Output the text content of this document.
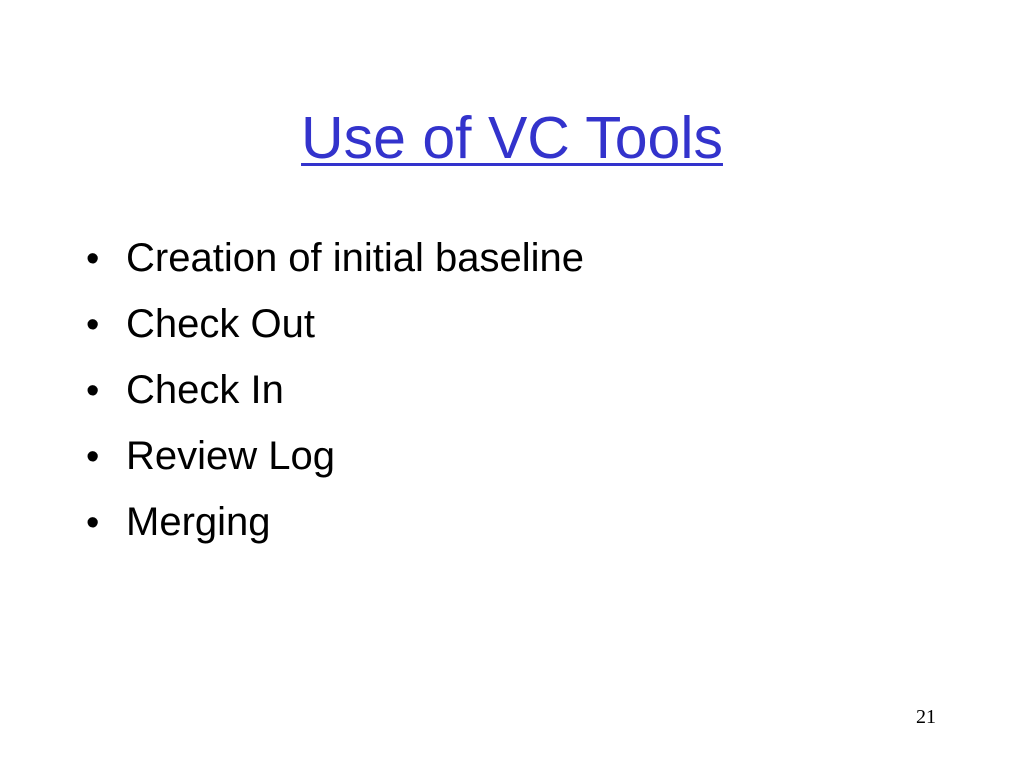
Use of VC Tools
• Creation of initial baseline
• Check Out
• Check In
• Review Log
• Merging
21
